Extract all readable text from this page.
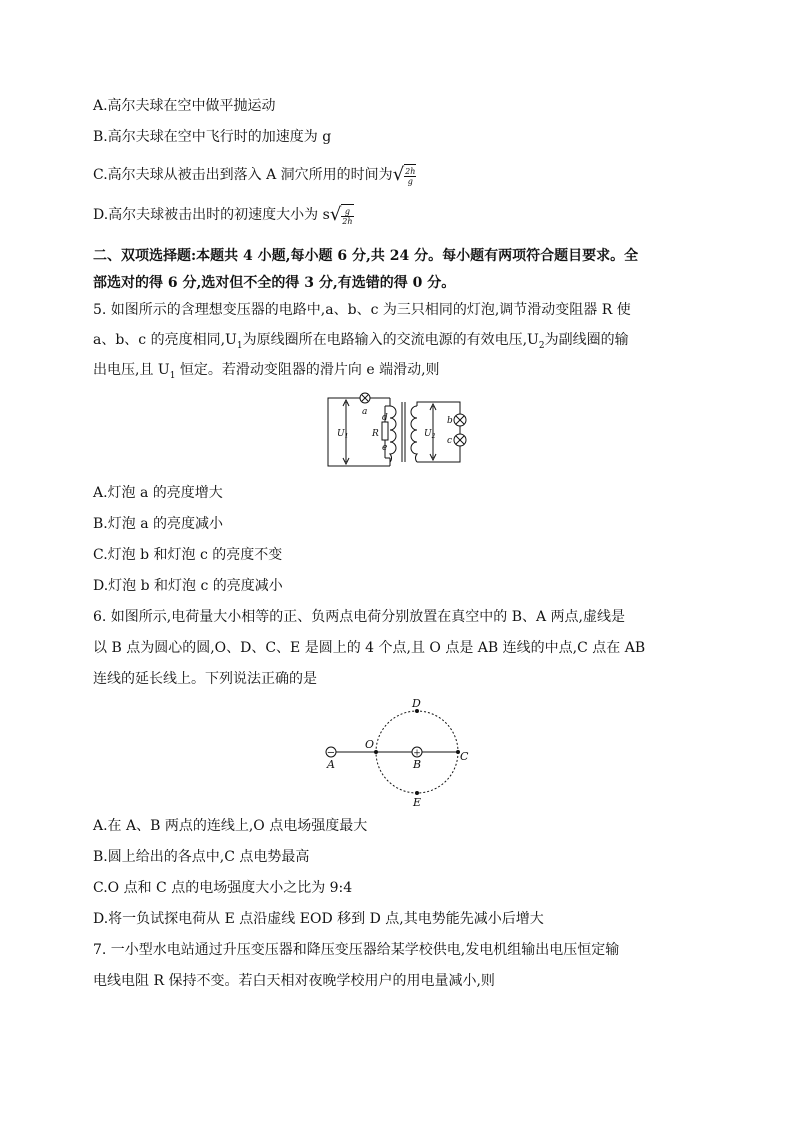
A.高尔夫球在空中做平抛运动
B.高尔夫球在空中飞行时的加速度为 g
C.高尔夫球从被击出到落入 A 洞穴所用的时间为√ $\frac{2h}{g}$
D.高尔夫球被击出时的初速度大小为 $s√ \frac{g}{2h}$
二、双项选择题:本题共 4 小题,每小题 6 分,共 24 分。每小题有两项符合题目要求。全
部选对的得 6 分,选对但不全的得 3 分,有选错的得 0 分。
5. 如图所示的含理想变压器的电路中,a、b、c 为三只相同的灯泡,调节滑动变阻器 R 使
a、b、c 的亮度相同$,U_1$为原线圈所在电路输入的交流电源的有效电压$,U_2$为副线圈的输
出电压,且 $U_1$ 恒定。若滑动变阻器的滑片向 e 端滑动,则
$U_1$
a
R
d
e
$U_2$
b
c
A.灯泡 a 的亮度增大
B.灯泡 a 的亮度减小
C.灯泡 b 和灯泡 c 的亮度不变
D.灯泡 b 和灯泡 c 的亮度减小
6. 如图所示,电荷量大小相等的正、负两点电荷分别放置在真空中的 B、A 两点,虚线是
以 B 点为圆心的圆,O、D、C、E 是圆上的 4 个点,且 O 点是 AB 连线的中点,C 点在 AB
连线的延长线上。下列说法正确的是
−	+
A	B
C
D
E
O
A.在 A、B 两点的连线上,O 点电场强度最大
B.圆上给出的各点中,C 点电势最高
C.O 点和 C 点的电场强度大小之比为 9:4
D.将一负试探电荷从 E 点沿虚线 EOD 移到 D 点,其电势能先减小后增大
7. 一小型水电站通过升压变压器和降压变压器给某学校供电,发电机组输出电压恒定输
电线电阻 R 保持不变。若白天相对夜晚学校用户的用电量减小,则
